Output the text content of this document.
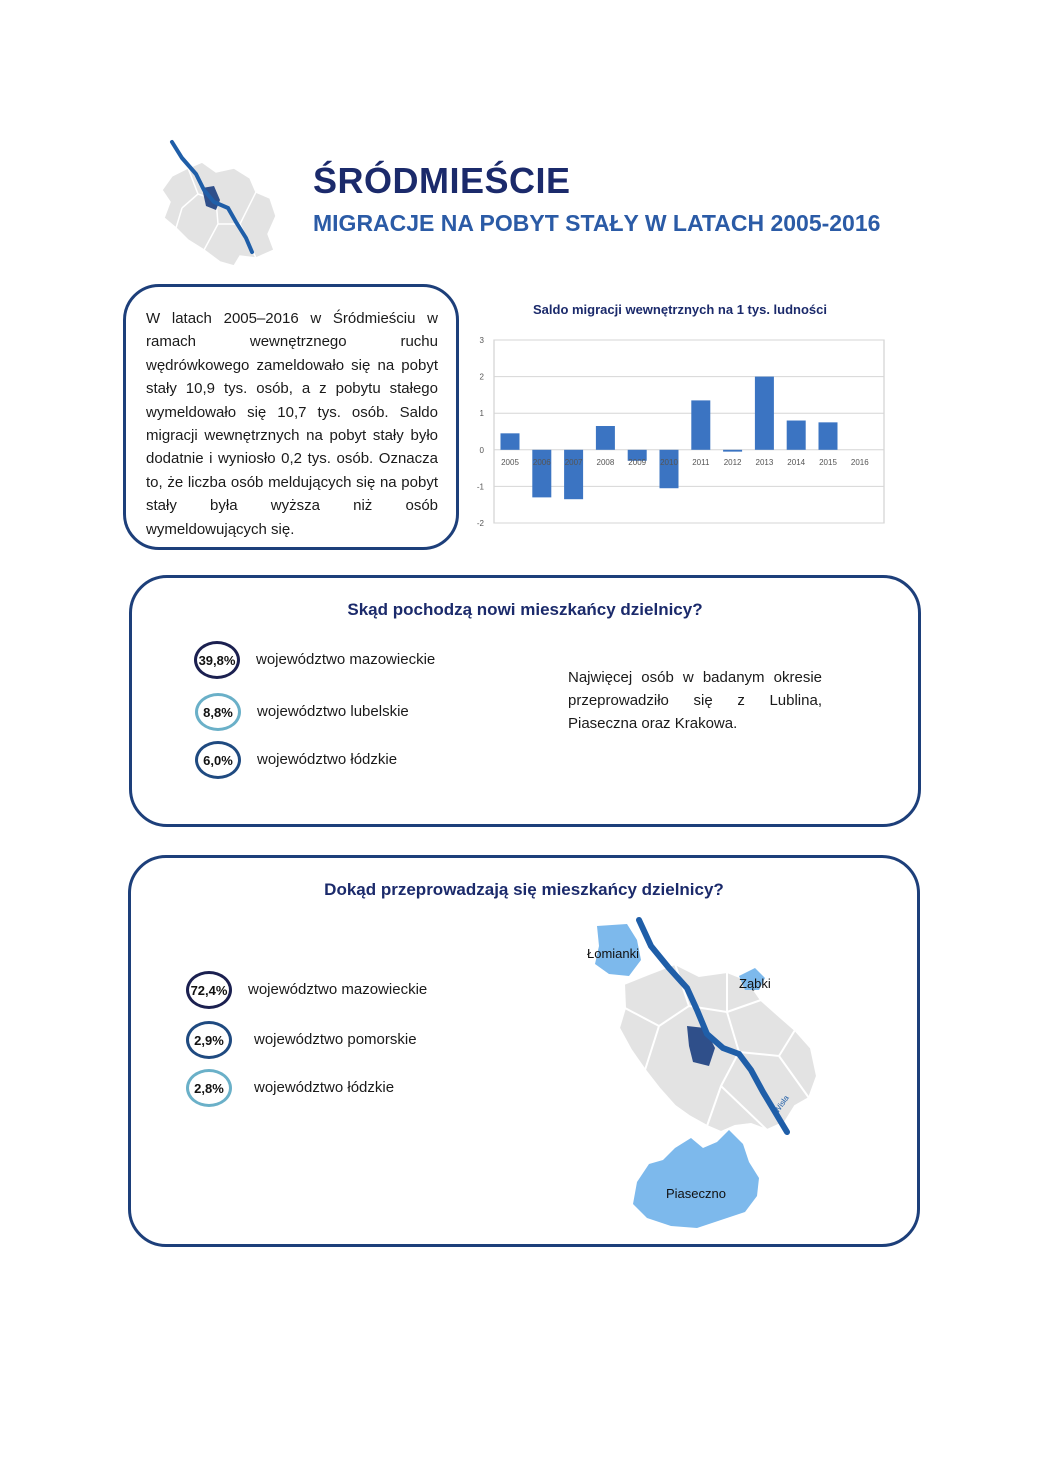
ŚRÓDMIEŚCIE
MIGRACJE NA POBYT STAŁY W LATACH 2005-2016

W latach 2005–2016 w Śródmieściu w ramach wewnętrznego ruchu wędrówkowego zameldowało się na pobyt stały 10,9 tys. osób, a z pobytu stałego wymeldowało się 10,7 tys. osób. Saldo migracji wewnętrznych na pobyt stały było dodatnie i wyniosło 0,2 tys. osób. Oznacza to, że liczba osób meldujących się na pobyt stały była wyższa niż osób wymeldowujących się.

Saldo migracji wewnętrznych na 1 tys. ludności
-2
-1
0
1
2
3
2005 2006 2007 2008 2009 2010 2011 2012 2013 2014 2015 2016
Skąd pochodzą nowi mieszkańcy dzielnicy?
39,8%	województwo mazowieckie
8,8%	województwo lubelskie
6,0%	województwo łódzkie
Najwięcej osób w badanym okresie przeprowadziło się z Lublina, Piaseczna oraz Krakowa.
Dokąd przeprowadzają się mieszkańcy dzielnicy?
72,4%	województwo mazowieckie
2,9%	województwo pomorskie
2,8%	województwo łódzkie
Łomianki
Ząbki
Piaseczno
Wisła
